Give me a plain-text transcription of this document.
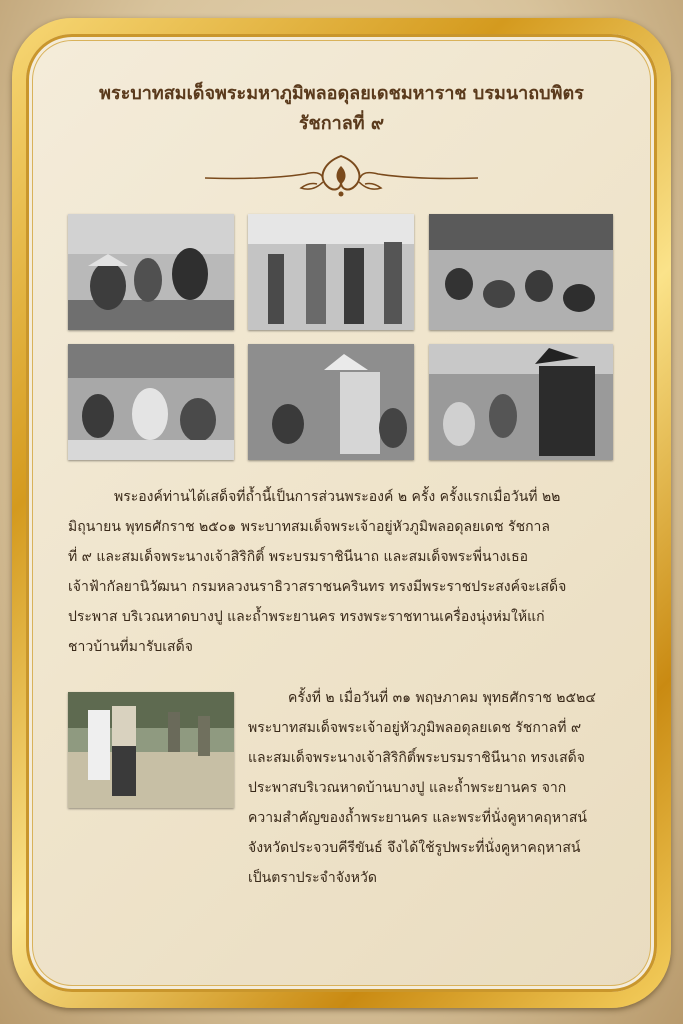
พระบาทสมเด็จพระมหาภูมิพลอดุลยเดชมหาราช บรมนาถบพิตร
รัชกาลที่ ๙
พระองค์ท่านได้เสด็จที่ถ้ำนี้เป็นการส่วนพระองค์ ๒ ครั้ง ครั้งแรกเมื่อวันที่ ๒๒
มิถุนายน พุทธศักราช ๒๕๐๑ พระบาทสมเด็จพระเจ้าอยู่หัวภูมิพลอดุลยเดช รัชกาล
ที่ ๙ และสมเด็จพระนางเจ้าสิริกิติ์ พระบรมราชินีนาถ และสมเด็จพระพี่นางเธอ
เจ้าฟ้ากัลยานิวัฒนา กรมหลวงนราธิวาสราชนครินทร ทรงมีพระราชประสงค์จะเสด็จ
ประพาส บริเวณหาดบางปู และถ้ำพระยานคร ทรงพระราชทานเครื่องนุ่งห่มให้แก่
ชาวบ้านที่มารับเสด็จ
ครั้งที่ ๒ เมื่อวันที่ ๓๑ พฤษภาคม พุทธศักราช ๒๕๒๔
พระบาทสมเด็จพระเจ้าอยู่หัวภูมิพลอดุลยเดช รัชกาลที่ ๙
และสมเด็จพระนางเจ้าสิริกิติ์พระบรมราชินีนาถ ทรงเสด็จ
ประพาสบริเวณหาดบ้านบางปู และถ้ำพระยานคร จาก
ความสำคัญของถ้ำพระยานคร และพระที่นั่งคูหาคฤหาสน์
จังหวัดประจวบคีรีขันธ์ จึงได้ใช้รูปพระที่นั่งคูหาคฤหาสน์
เป็นตราประจำจังหวัด
